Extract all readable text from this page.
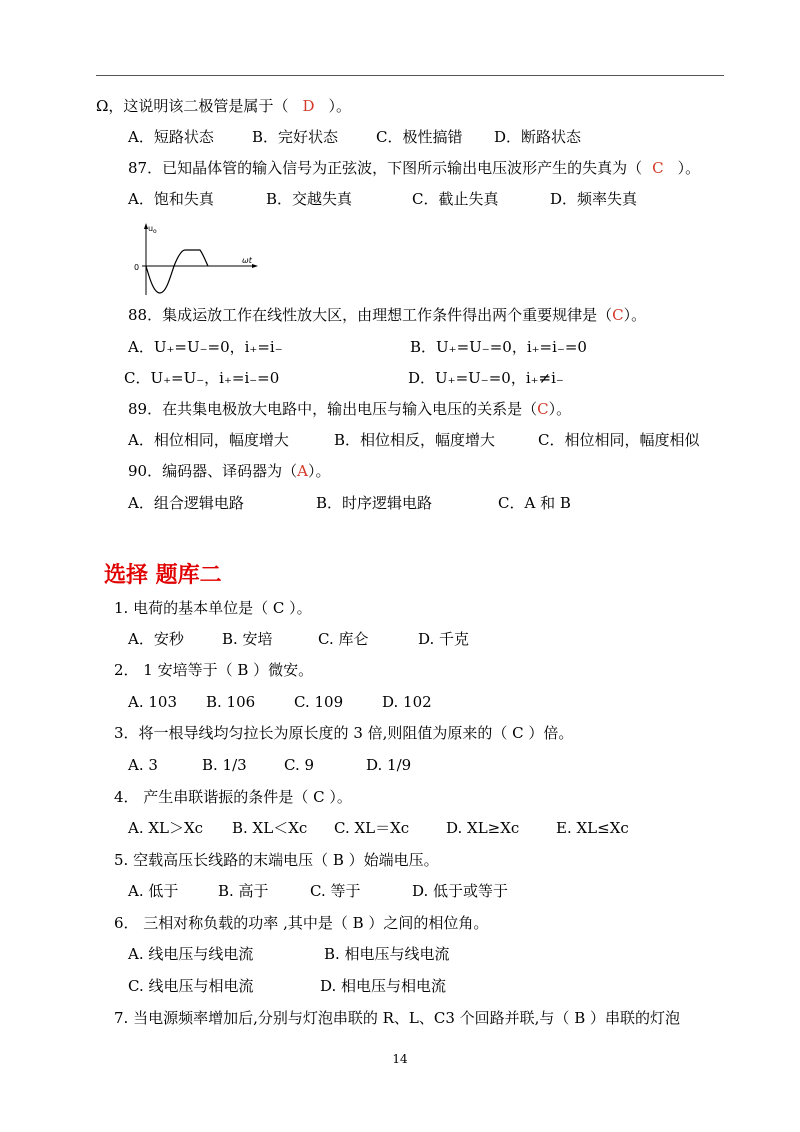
Ω，这说明该二极管是属于（ D ）。
A．短路状态	B．完好状态	C．极性搞错 D．断路状态
87．已知晶体管的输入信号为正弦波，下图所示输出电压波形产生的失真为（ C ）。
A．饱和失真	B．交越失真	C．截止失真	D．频率失真
u o
0
ωt
88．集成运放工作在线性放大区，由理想工作条件得出两个重要规律是（C）。
A．U₊=U₋=0，i₊=i₋	B．U₊=U₋=0，i₊=i₋=0
C．U₊=U₋，i₊=i₋=0	D．U₊=U₋=0，i₊≠i₋
89．在共集电极放大电路中，输出电压与输入电压的关系是（C）。
A．相位相同，幅度增大	B．相位相反，幅度增大	C．相位相同，幅度相似
90．编码器、译码器为（A）。
A．组合逻辑电路	B．时序逻辑电路	C．A 和 B
选择 题库二
1. 电荷的基本单位是（ C ）。
A．安秒	B. 安培	C. 库仑	D. 千克
2． 1 安培等于（ B ）微安。
A. 103 B. 106	C. 109	D. 102
3．将一根导线均匀拉长为原长度的 3 倍,则阻值为原来的（ C ）倍。
A. 3	B. 1/3 C. 9	D. 1/9
4． 产生串联谐振的条件是（ C ）。
A. XL＞Xc B. XL＜Xc C. XL＝Xc D. XL≥Xc E. XL≤Xc
5. 空载高压长线路的末端电压（ B ）始端电压。
A. 低于	B. 高于	C. 等于	D. 低于或等于
6． 三相对称负载的功率 ,其中是（ B ）之间的相位角。
A. 线电压与线电流	B. 相电压与线电流
C. 线电压与相电流	D. 相电压与相电流
7. 当电源频率增加后,分别与灯泡串联的 R、L、C3 个回路并联,与（ B ）串联的灯泡
14
